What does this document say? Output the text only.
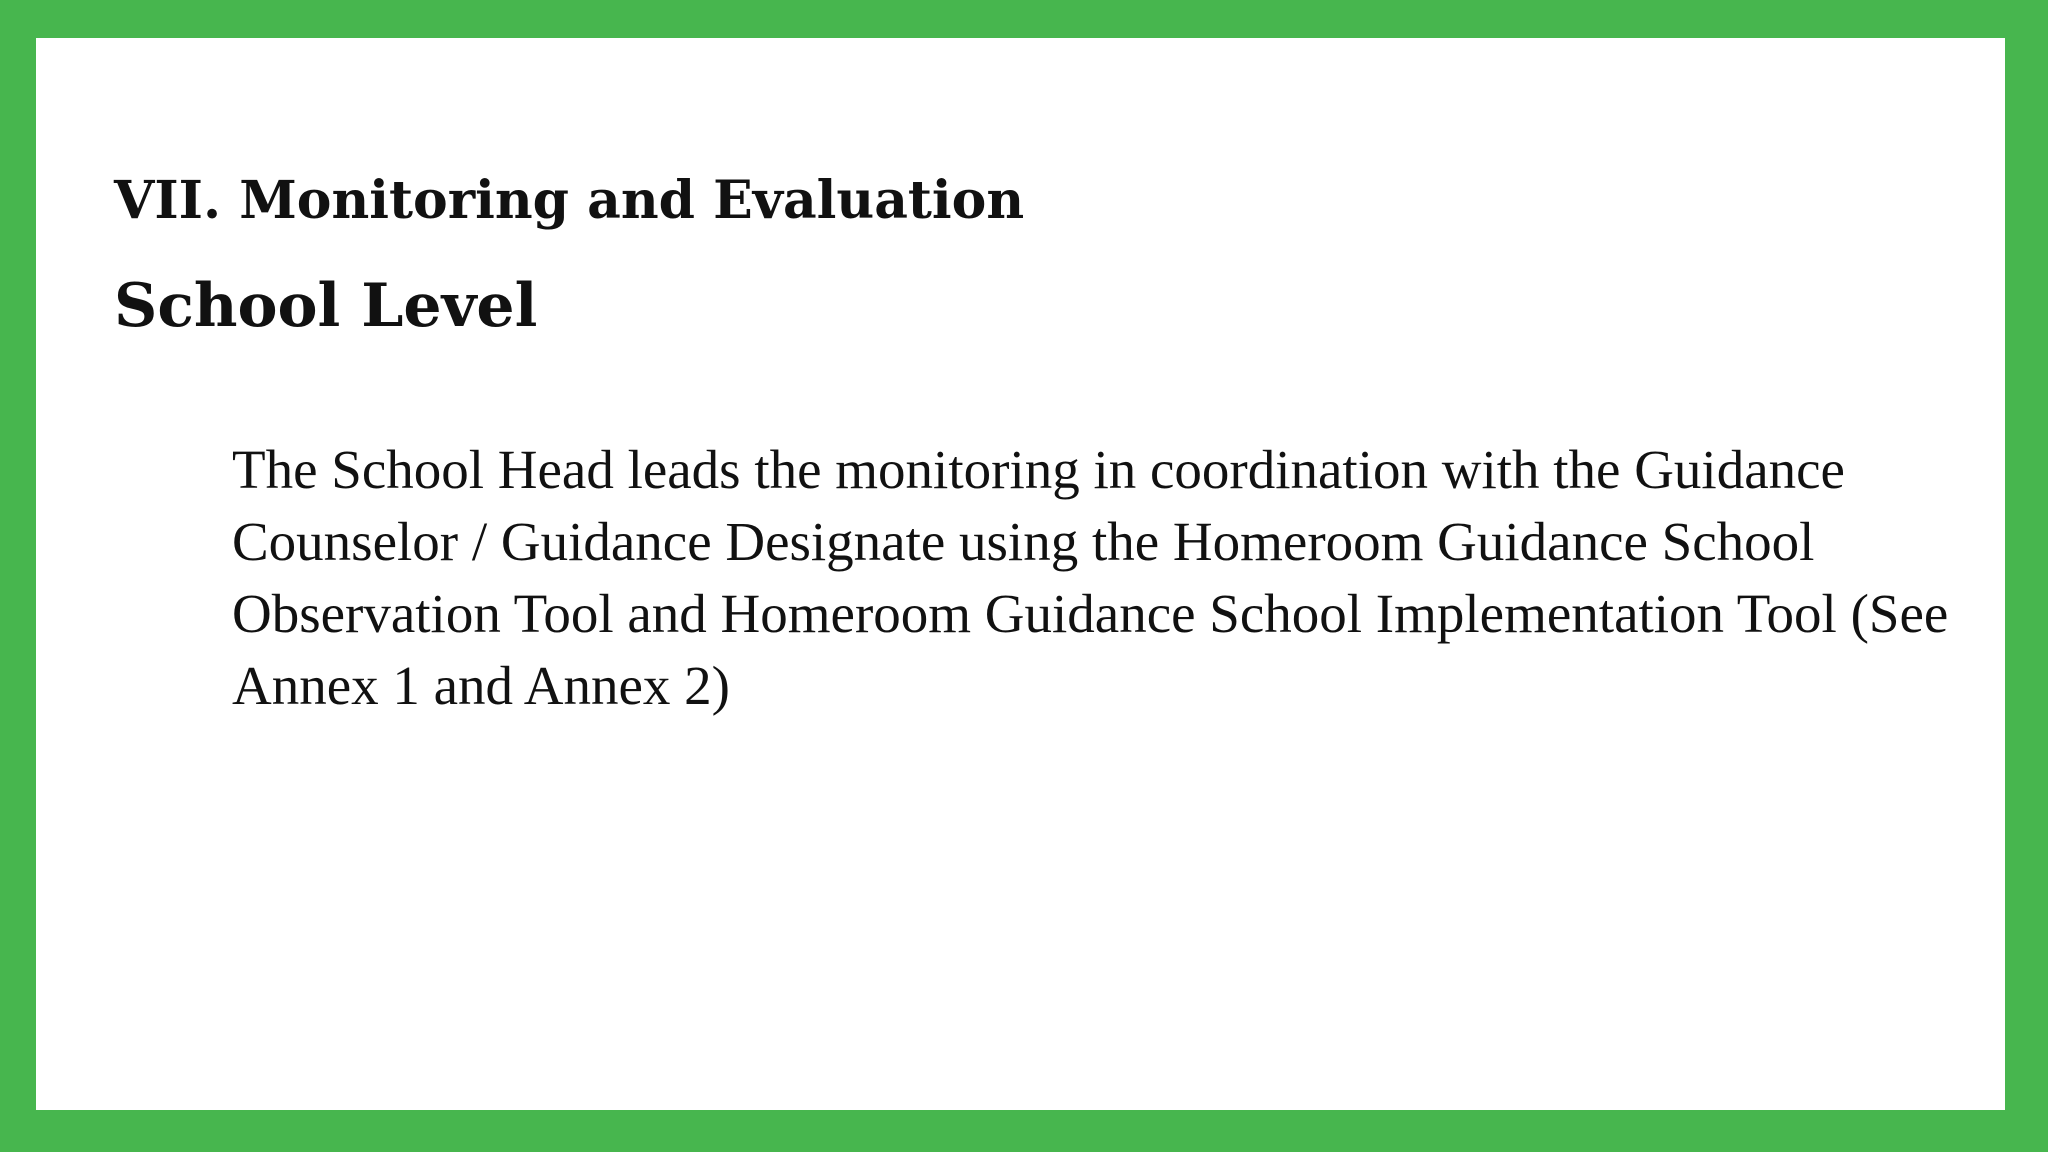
VII. Monitoring and Evaluation
School Level

The School Head leads the monitoring in coordination with the Guidance Counselor / Guidance Designate using the Homeroom Guidance School Observation Tool and Homeroom Guidance School Implementation Tool (See Annex 1 and Annex 2)
